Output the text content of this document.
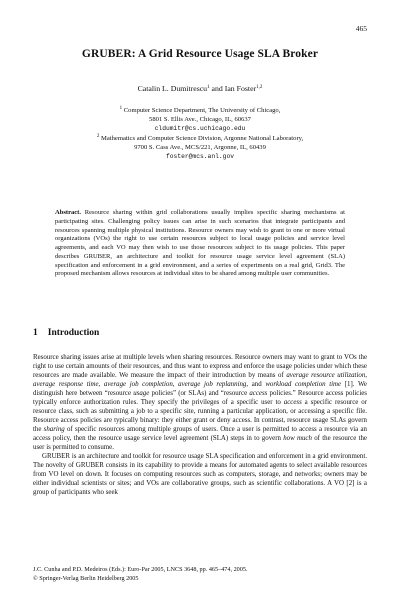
465
GRUBER: A Grid Resource Usage SLA Broker
Catalin L. Dumitrescu$^1$ and Ian Foster$^{1,2}$
$^1$ Computer Science Department, The University of Chicago,
5801 S. Ellis Ave., Chicago, IL, 60637
cldumitr@cs.uchicago.edu
$^2$ Mathematics and Computer Science Division, Argonne National Laboratory,
9700 S. Cass Ave., MCS/221, Argonne, IL, 60439
foster@mcs.anl.gov
Abstract. Resource sharing within grid collaborations usually implies specific sharing mechanisms at participating sites. Challenging policy issues can arise in such scenarios that integrate participants and resources spanning multiple physical institutions. Resource owners may wish to grant to one or more virtual organizations (VOs) the right to use certain resources subject to local usage policies and service level agreements, and each VO may then wish to use those resources subject to its usage policies. This paper describes GRUBER, an architecture and toolkit for resource usage service level agreement (SLA) specification and enforcement in a grid environment, and a series of experiments on a real grid, Grid3. The proposed mechanism allows resources at individual sites to be shared among multiple user communities.
1 Introduction

Resource sharing issues arise at multiple levels when sharing resources. Resource owners may want to grant to VOs the right to use certain amounts of their resources, and thus want to express and enforce the usage policies under which these resources are made available. We measure the impact of their introduction by means of average resource utilization, average response time, average job completion, average job replanning, and workload completion time [1]. We distinguish here between “resource usage policies” (or SLAs) and “resource access policies.” Resource access policies typically enforce authorization rules. They specify the privileges of a specific user to access a specific resource or resource class, such as submitting a job to a specific site, running a particular application, or accessing a specific file. Resource access policies are typically binary: they either grant or deny access. In contrast, resource usage SLAs govern the sharing of specific resources among multiple groups of users. Once a user is permitted to access a resource via an access policy, then the resource usage service level agreement (SLA) steps in to govern how much of the resource the user is permitted to consume.

GRUBER is an architecture and toolkit for resource usage SLA specification and enforcement in a grid environment. The novelty of GRUBER consists in its capability to provide a means for automated agents to select available resources from VO level on down. It focuses on computing resources such as computers, storage, and networks; owners may be either individual scientists or sites; and VOs are collaborative groups, such as scientific collaborations. A VO [2] is a group of participants who seek

J.C. Cunha and P.D. Medeiros (Eds.): Euro-Par 2005, LNCS 3648, pp. 465–474, 2005.
© Springer-Verlag Berlin Heidelberg 2005
